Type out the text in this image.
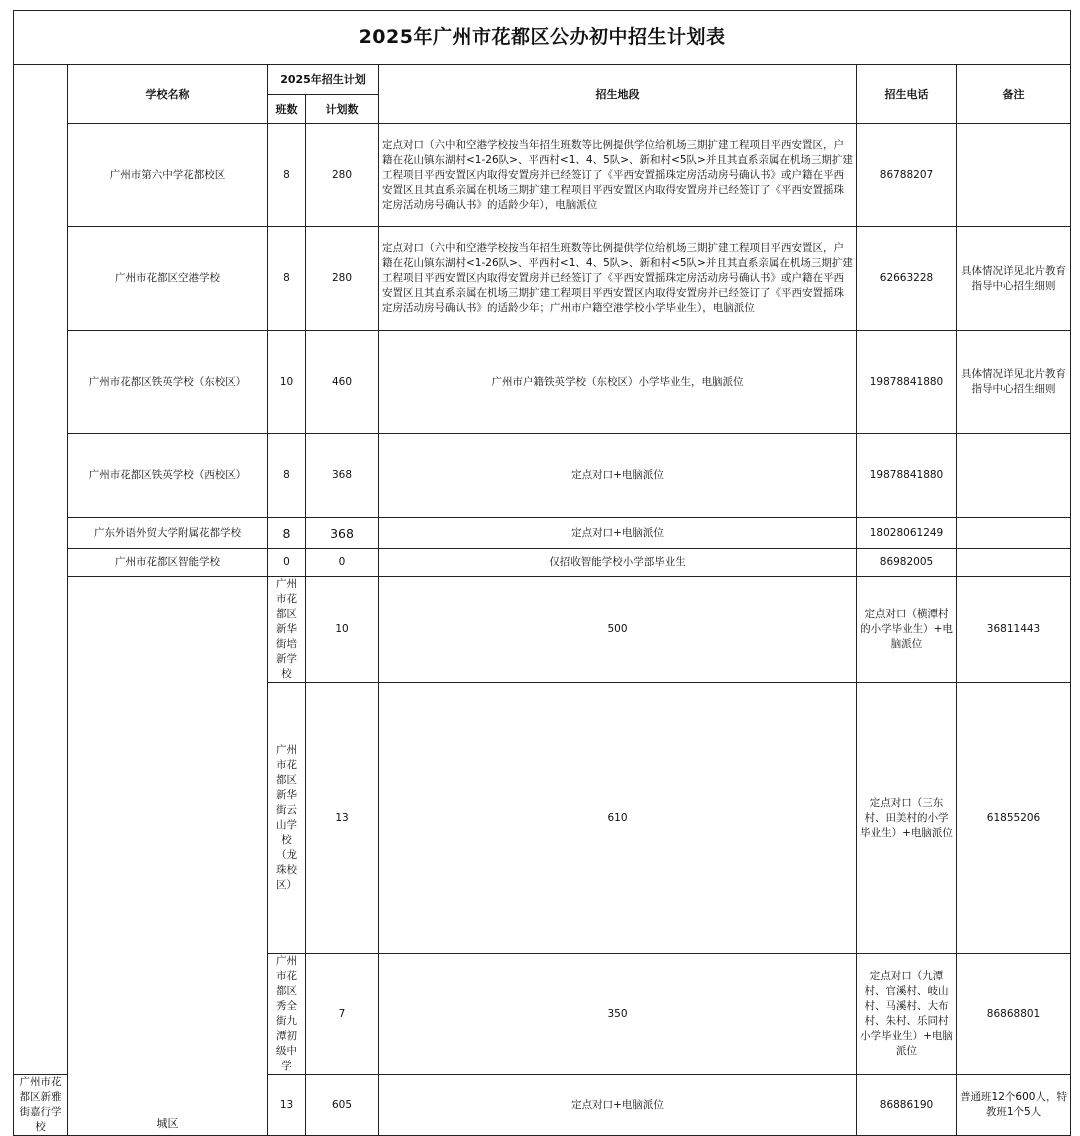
2025年广州市花都区公办初中招生计划表							
	学校名称	2025年招生计划		招生地段	招生电话	备注	
		班数	计划数				
	广州市第六中学花都校区	8	280	定点对口（六中和空港学校按当年招生班数等比例提供学位给机场三期扩建工程项目平西安置区，户籍在花山镇东湖村<1-26队>、平西村<1、4、5队>、新和村<5队>并且其直系亲属在机场三期扩建工程项目平西安置区内取得安置房并已经签订了《平西安置摇珠定房活动房号确认书》或户籍在平西安置区且其直系亲属在机场三期扩建工程项目平西安置区内取得安置房并已经签订了《平西安置摇珠定房活动房号确认书》的适龄少年），电脑派位	86788207		
	广州市花都区空港学校	8	280	定点对口（六中和空港学校按当年招生班数等比例提供学位给机场三期扩建工程项目平西安置区，户籍在花山镇东湖村<1-26队>、平西村<1、4、5队>、新和村<5队>并且其直系亲属在机场三期扩建工程项目平西安置区内取得安置房并已经签订了《平西安置摇珠定房活动房号确认书》或户籍在平西安置区且其直系亲属在机场三期扩建工程项目平西安置区内取得安置房并已经签订了《平西安置摇珠定房活动房号确认书》的适龄少年；广州市户籍空港学校小学毕业生），电脑派位	62663228	具体情况详见北片教育指导中心招生细则	
	广州市花都区铁英学校（东校区）	10	460	广州市户籍铁英学校（东校区）小学毕业生，电脑派位	19878841880	具体情况详见北片教育指导中心招生细则	
	广州市花都区铁英学校（西校区）	8	368	定点对口+电脑派位	19878841880		
	广东外语外贸大学附属花都学校	8	368	定点对口+电脑派位	18028061249		
	广州市花都区智能学校	0	0	仅招收智能学校小学部毕业生	86982005		
	城区	广州市花都区新华街培新学校	10	500	定点对口（横潭村的小学毕业生）+电脑派位	36811443	
		广州市花都区新华街云山学校（龙珠校区）	13	610	定点对口（三东村、田美村的小学毕业生）+电脑派位	61855206	
		广州市花都区秀全街九潭初级中学	7	350	定点对口（九潭村、官溪村、岐山村、马溪村、大布村、朱村、乐同村小学毕业生）+电脑派位	86868801	
广州市花都区新雅街嘉行学校		13	605	定点对口+电脑派位	86886190	普通班12个600人，特教班1个5人	
